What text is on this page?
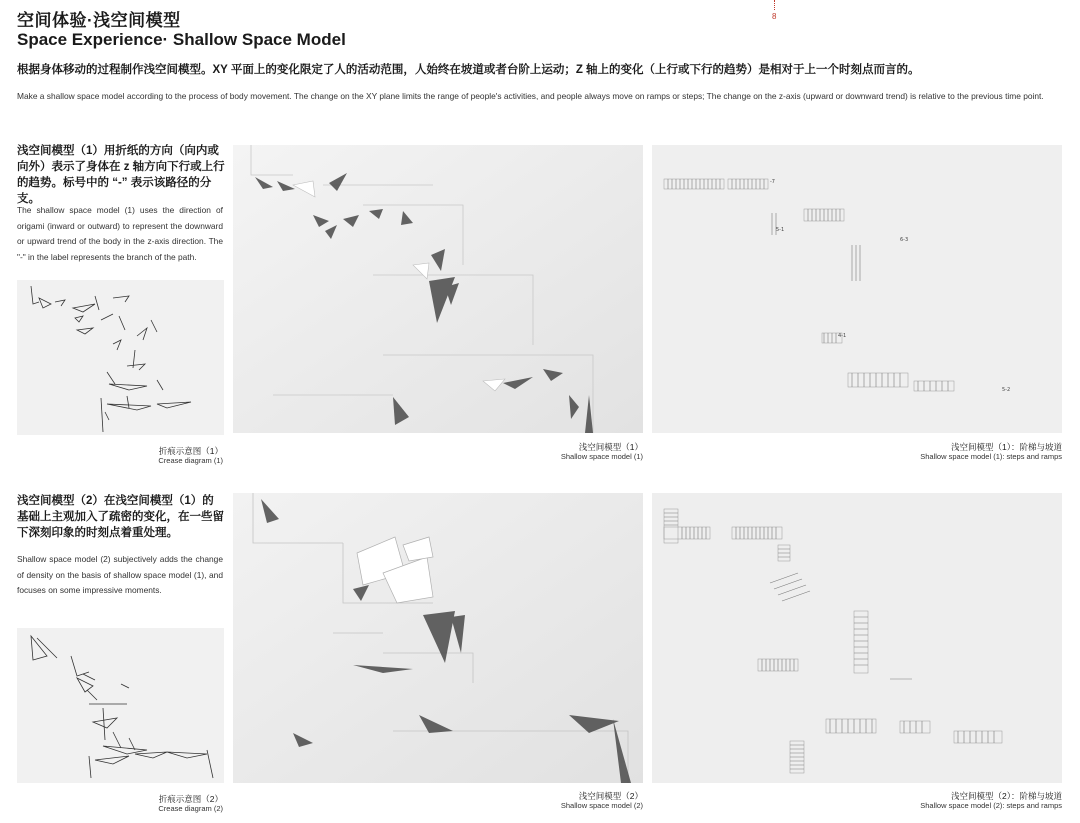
空间体验·浅空间模型
Space Experience· Shallow Space Model
8
根据身体移动的过程制作浅空间模型。XY 平面上的变化限定了人的活动范围，人始终在坡道或者台阶上运动；Z 轴上的变化（上行或下行的趋势）是相对于上一个时刻点而言的。
Make a shallow space model according to the process of body movement. The change on the XY plane limits the range of people's activities, and people always move on ramps or steps; The change on the z-axis (upward or downward trend) is relative to the previous time point.
浅空间模型（1）用折纸的方向（向内或向外）表示了身体在 z 轴方向下行或上行的趋势。标号中的 “-” 表示该路径的分支。
The shallow space model (1) uses the direction of origami (inward or outward) to represent the downward or upward trend of the body in the z-axis direction. The "-" in the label represents the branch of the path.
折痕示意图（1）
Crease diagram (1)
浅空间模型（1）
Shallow space model (1)
-7
5-1
6-3
4-1
5-2
浅空间模型（1）：阶梯与坡道
Shallow space model (1): steps and ramps
浅空间模型（2）在浅空间模型（1）的基础上主观加入了疏密的变化，在一些留下深刻印象的时刻点着重处理。
Shallow space model (2) subjectively adds the change of density on the basis of shallow space model (1), and focuses on some impressive moments.
折痕示意图（2）
Crease diagram (2)
浅空间模型（2）
Shallow space model (2)
浅空间模型（2）：阶梯与坡道
Shallow space model (2): steps and ramps
